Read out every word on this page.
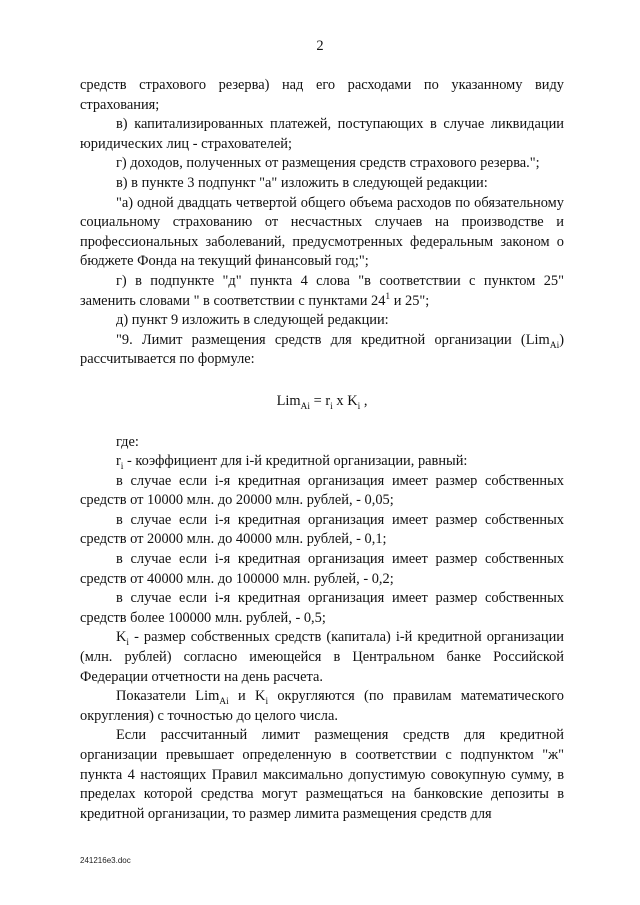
2

средств страхового резерва) над его расходами по указанному виду страхования;

в) капитализированных платежей, поступающих в случае ликвидации юридических лиц - страхователей;

г) доходов, полученных от размещения средств страхового резерва.";

в) в пункте 3 подпункт "а" изложить в следующей редакции:

"а) одной двадцать четвертой общего объема расходов по обязательному социальному страхованию от несчастных случаев на производстве и профессиональных заболеваний, предусмотренных федеральным законом о бюджете Фонда на текущий финансовый год;";

г) в подпункте "д" пункта 4 слова "в соответствии с пунктом 25" заменить словами " в соответствии с пунктами $24^1$ и 25";

д) пункт 9 изложить в следующей редакции:

"9. Лимит размещения средств для кредитной организации (Lim$_{Ai}$) рассчитывается по формуле:

$Lim_{Ai} = r_i$ x $K_i$ ,

где:

$r_i$ - коэффициент для i-й кредитной организации, равный:

в случае если i-я кредитная организация имеет размер собственных средств от 10000 млн. до 20000 млн. рублей, - 0,05;

в случае если i-я кредитная организация имеет размер собственных средств от 20000 млн. до 40000 млн. рублей, - 0,1;

в случае если i-я кредитная организация имеет размер собственных средств от 40000 млн. до 100000 млн. рублей, - 0,2;

в случае если i-я кредитная организация имеет размер собственных средств более 100000 млн. рублей, - 0,5;

$K_i$ - размер собственных средств (капитала) i-й кредитной организации (млн. рублей) согласно имеющейся в Центральном банке Российской Федерации отчетности на день расчета.

Показатели Lim$_{Ai}$ и $K_i$ округляются (по правилам математического округления) с точностью до целого числа.

Если рассчитанный лимит размещения средств для кредитной организации превышает определенную в соответствии с подпунктом "ж" пункта 4 настоящих Правил максимально допустимую совокупную сумму, в пределах которой средства могут размещаться на банковские депозиты в кредитной организации, то размер лимита размещения средств для

241216e3.doc
